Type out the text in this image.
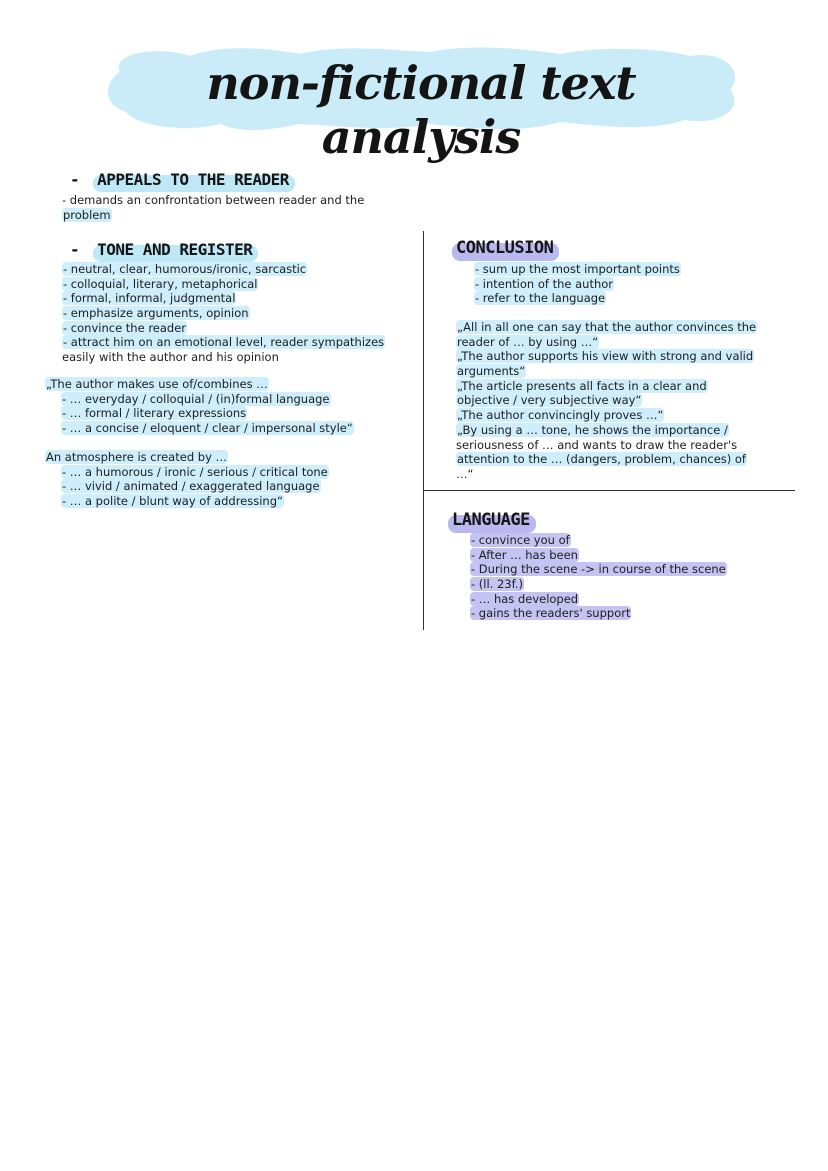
non-fictional text analysis
- APPEALS TO THE READER
- demands an confrontation between reader and the
problem
- TONE AND REGISTER
- neutral, clear, humorous/ironic, sarcastic
- colloquial, literary, metaphorical
- formal, informal, judgmental
- emphasize arguments, opinion
- convince the reader
- attract him on an emotional level, reader sympathizes
easily with the author and his opinion
„The author makes use of/combines …
- … everyday / colloquial / (in)formal language
- … formal / literary expressions
- … a concise / eloquent / clear / impersonal style“
An atmosphere is created by …
- … a humorous / ironic / serious / critical tone
- … vivid / animated / exaggerated language
- … a polite / blunt way of addressing“
CONCLUSION
- sum up the most important points
- intention of the author
- refer to the language
„All in all one can say that the author convinces the
reader of … by using …“
„The author supports his view with strong and valid
arguments“
„The article presents all facts in a clear and
objective / very subjective way“
„The author convincingly proves …“
„By using a … tone, he shows the importance /
seriousness of … and wants to draw the reader's
attention to the … (dangers, problem, chances) of
…“
LANGUAGE
- convince you of
- After … has been
- During the scene -> in course of the scene
- (ll. 23f.)
- … has developed
- gains the readers' support
